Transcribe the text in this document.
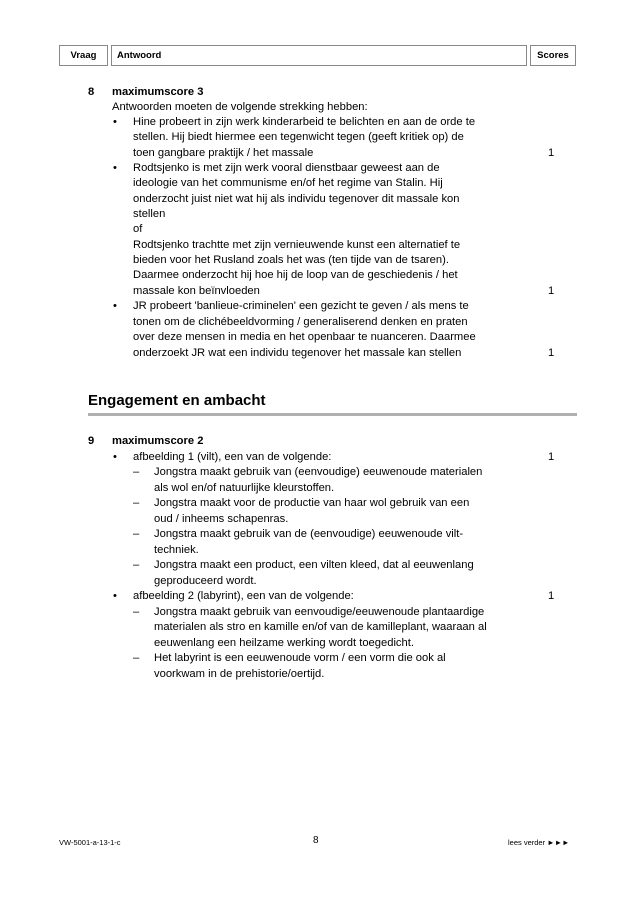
Vraag Antwoord	Scores
8 maximumscore 3
Antwoorden moeten de volgende strekking hebben:
• Hine probeert in zijn werk kinderarbeid te belichten en aan de orde te
stellen. Hij biedt hiermee een tegenwicht tegen (geeft kritiek op) de
toen gangbare praktijk / het massale	1
• Rodtsjenko is met zijn werk vooral dienstbaar geweest aan de
ideologie van het communisme en/of het regime van Stalin. Hij
onderzocht juist niet wat hij als individu tegenover dit massale kon
stellen
of
Rodtsjenko trachtte met zijn vernieuwende kunst een alternatief te
bieden voor het Rusland zoals het was (ten tijde van de tsaren).
Daarmee onderzocht hij hoe hij de loop van de geschiedenis / het
massale kon beïnvloeden	1
• JR probeert 'banlieue-criminelen' een gezicht te geven / als mens te
tonen om de clichébeeldvorming / generaliserend denken en praten
over deze mensen in media en het openbaar te nuanceren. Daarmee
onderzoekt JR wat een individu tegenover het massale kan stellen	1
Engagement en ambacht
9 maximumscore 2
• afbeelding 1 (vilt), een van de volgende:	1
– Jongstra maakt gebruik van (eenvoudige) eeuwenoude materialen
als wol en/of natuurlijke kleurstoffen.
– Jongstra maakt voor de productie van haar wol gebruik van een
oud / inheems schapenras.
– Jongstra maakt gebruik van de (eenvoudige) eeuwenoude vilt-
techniek.
– Jongstra maakt een product, een vilten kleed, dat al eeuwenlang
geproduceerd wordt.
• afbeelding 2 (labyrint), een van de volgende:	1
– Jongstra maakt gebruik van eenvoudige/eeuwenoude plantaardige
materialen als stro en kamille en/of van de kamilleplant, waaraan al
eeuwenlang een heilzame werking wordt toegedicht.
– Het labyrint is een eeuwenoude vorm / een vorm die ook al
voorkwam in de prehistorie/oertijd.
VW-5001-a-13-1-c	8	lees verder ►►►
